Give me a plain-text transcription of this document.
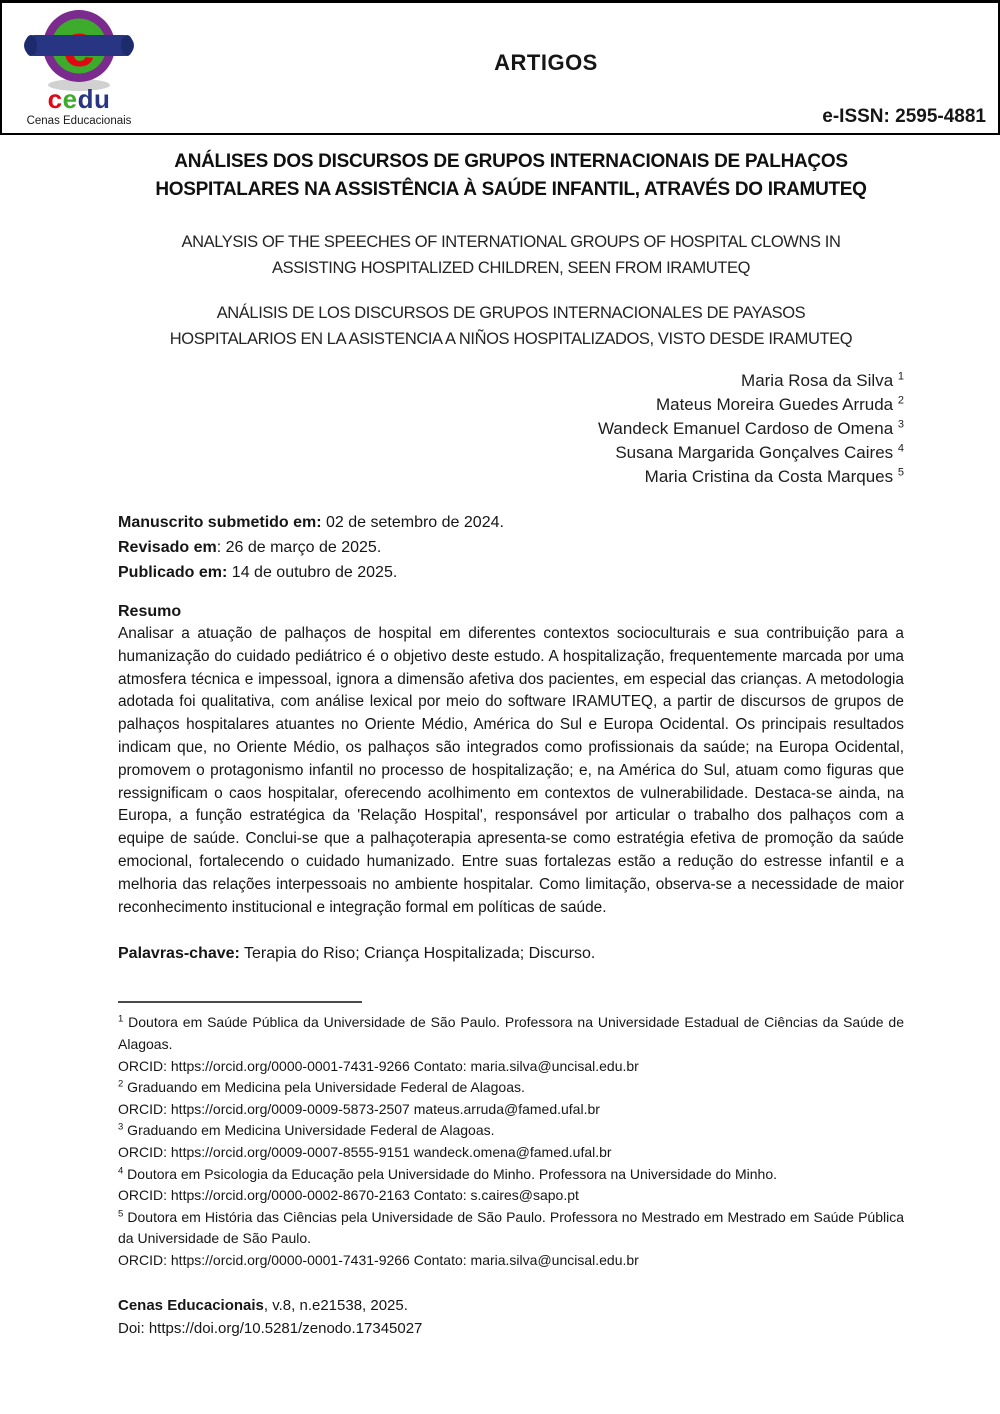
cedu
Cenas Educacionais
ARTIGOS
e-ISSN: 2595-4881
ANÁLISES DOS DISCURSOS DE GRUPOS INTERNACIONAIS DE PALHAÇOS
HOSPITALARES NA ASSISTÊNCIA À SAÚDE INFANTIL, ATRAVÉS DO IRAMUTEQ
ANALYSIS OF THE SPEECHES OF INTERNATIONAL GROUPS OF HOSPITAL CLOWNS IN
ASSISTING HOSPITALIZED CHILDREN, SEEN FROM IRAMUTEQ
ANÁLISIS DE LOS DISCURSOS DE GRUPOS INTERNACIONALES DE PAYASOS
HOSPITALARIOS EN LA ASISTENCIA A NIÑOS HOSPITALIZADOS, VISTO DESDE IRAMUTEQ
Maria Rosa da Silva $^1$
Mateus Moreira Guedes Arruda $^2$
Wandeck Emanuel Cardoso de Omena $^3$
Susana Margarida Gonçalves Caires $^4$
Maria Cristina da Costa Marques $^5$
Manuscrito submetido em: 02 de setembro de 2024.
Revisado em: 26 de março de 2025.
Publicado em: 14 de outubro de 2025.
Resumo

Analisar a atuação de palhaços de hospital em diferentes contextos socioculturais e sua contribuição para a humanização do cuidado pediátrico é o objetivo deste estudo. A hospitalização, frequentemente marcada por uma atmosfera técnica e impessoal, ignora a dimensão afetiva dos pacientes, em especial das crianças. A metodologia adotada foi qualitativa, com análise lexical por meio do software IRAMUTEQ, a partir de discursos de grupos de palhaços hospitalares atuantes no Oriente Médio, América do Sul e Europa Ocidental. Os principais resultados indicam que, no Oriente Médio, os palhaços são integrados como profissionais da saúde; na Europa Ocidental, promovem o protagonismo infantil no processo de hospitalização; e, na América do Sul, atuam como figuras que ressignificam o caos hospitalar, oferecendo acolhimento em contextos de vulnerabilidade. Destaca-se ainda, na Europa, a função estratégica da 'Relação Hospital', responsável por articular o trabalho dos palhaços com a equipe de saúde. Conclui-se que a palhaçoterapia apresenta-se como estratégia efetiva de promoção da saúde emocional, fortalecendo o cuidado humanizado. Entre suas fortalezas estão a redução do estresse infantil e a melhoria das relações interpessoais no ambiente hospitalar. Como limitação, observa-se a necessidade de maior reconhecimento institucional e integração formal em políticas de saúde.

Palavras-chave: Terapia do Riso; Criança Hospitalizada; Discurso.
$^1$ Doutora em Saúde Pública da Universidade de São Paulo. Professora na Universidade Estadual de Ciências da Saúde de Alagoas.
ORCID: https://orcid.org/0000-0001-7431-9266 Contato: maria.silva@uncisal.edu.br
$^2$ Graduando em Medicina pela Universidade Federal de Alagoas.
ORCID: https://orcid.org/0009-0009-5873-2507 mateus.arruda@famed.ufal.br
$^3$ Graduando em Medicina Universidade Federal de Alagoas.
ORCID: https://orcid.org/0009-0007-8555-9151 wandeck.omena@famed.ufal.br
$^4$ Doutora em Psicologia da Educação pela Universidade do Minho. Professora na Universidade do Minho.
ORCID: https://orcid.org/0000-0002-8670-2163 Contato: s.caires@sapo.pt
$^5$ Doutora em História das Ciências pela Universidade de São Paulo. Professora no Mestrado em Mestrado em Saúde Pública da Universidade de São Paulo.
ORCID: https://orcid.org/0000-0001-7431-9266 Contato: maria.silva@uncisal.edu.br
Cenas Educacionais, v.8, n.e21538, 2025.
Doi: https://doi.org/10.5281/zenodo.17345027
